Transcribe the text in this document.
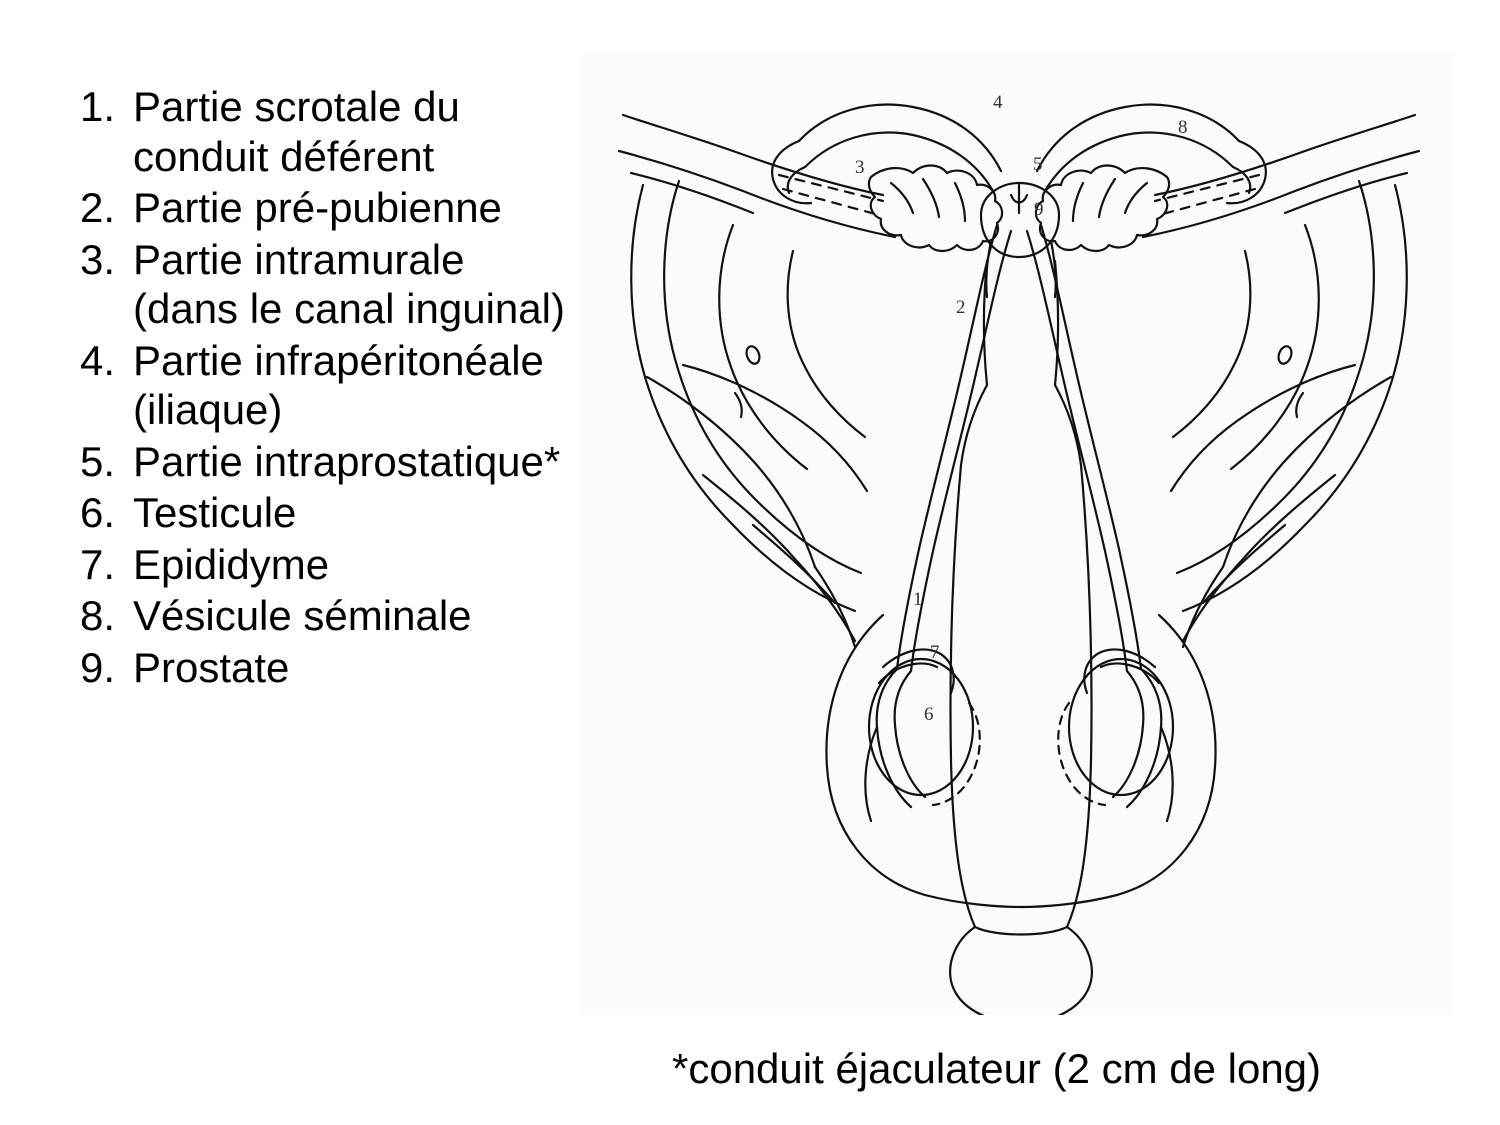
1. Partie scrotale du conduit déférent
2. Partie pré-pubienne
3. Partie intramurale (dans le canal inguinal)
4. Partie infrapéritonéale (iliaque)
5. Partie intraprostatique*
6. Testicule
7. Epididyme
8. Vésicule séminale
9. Prostate
1
2
3
4
5
6
7
8
9
*conduit éjaculateur (2 cm de long)
